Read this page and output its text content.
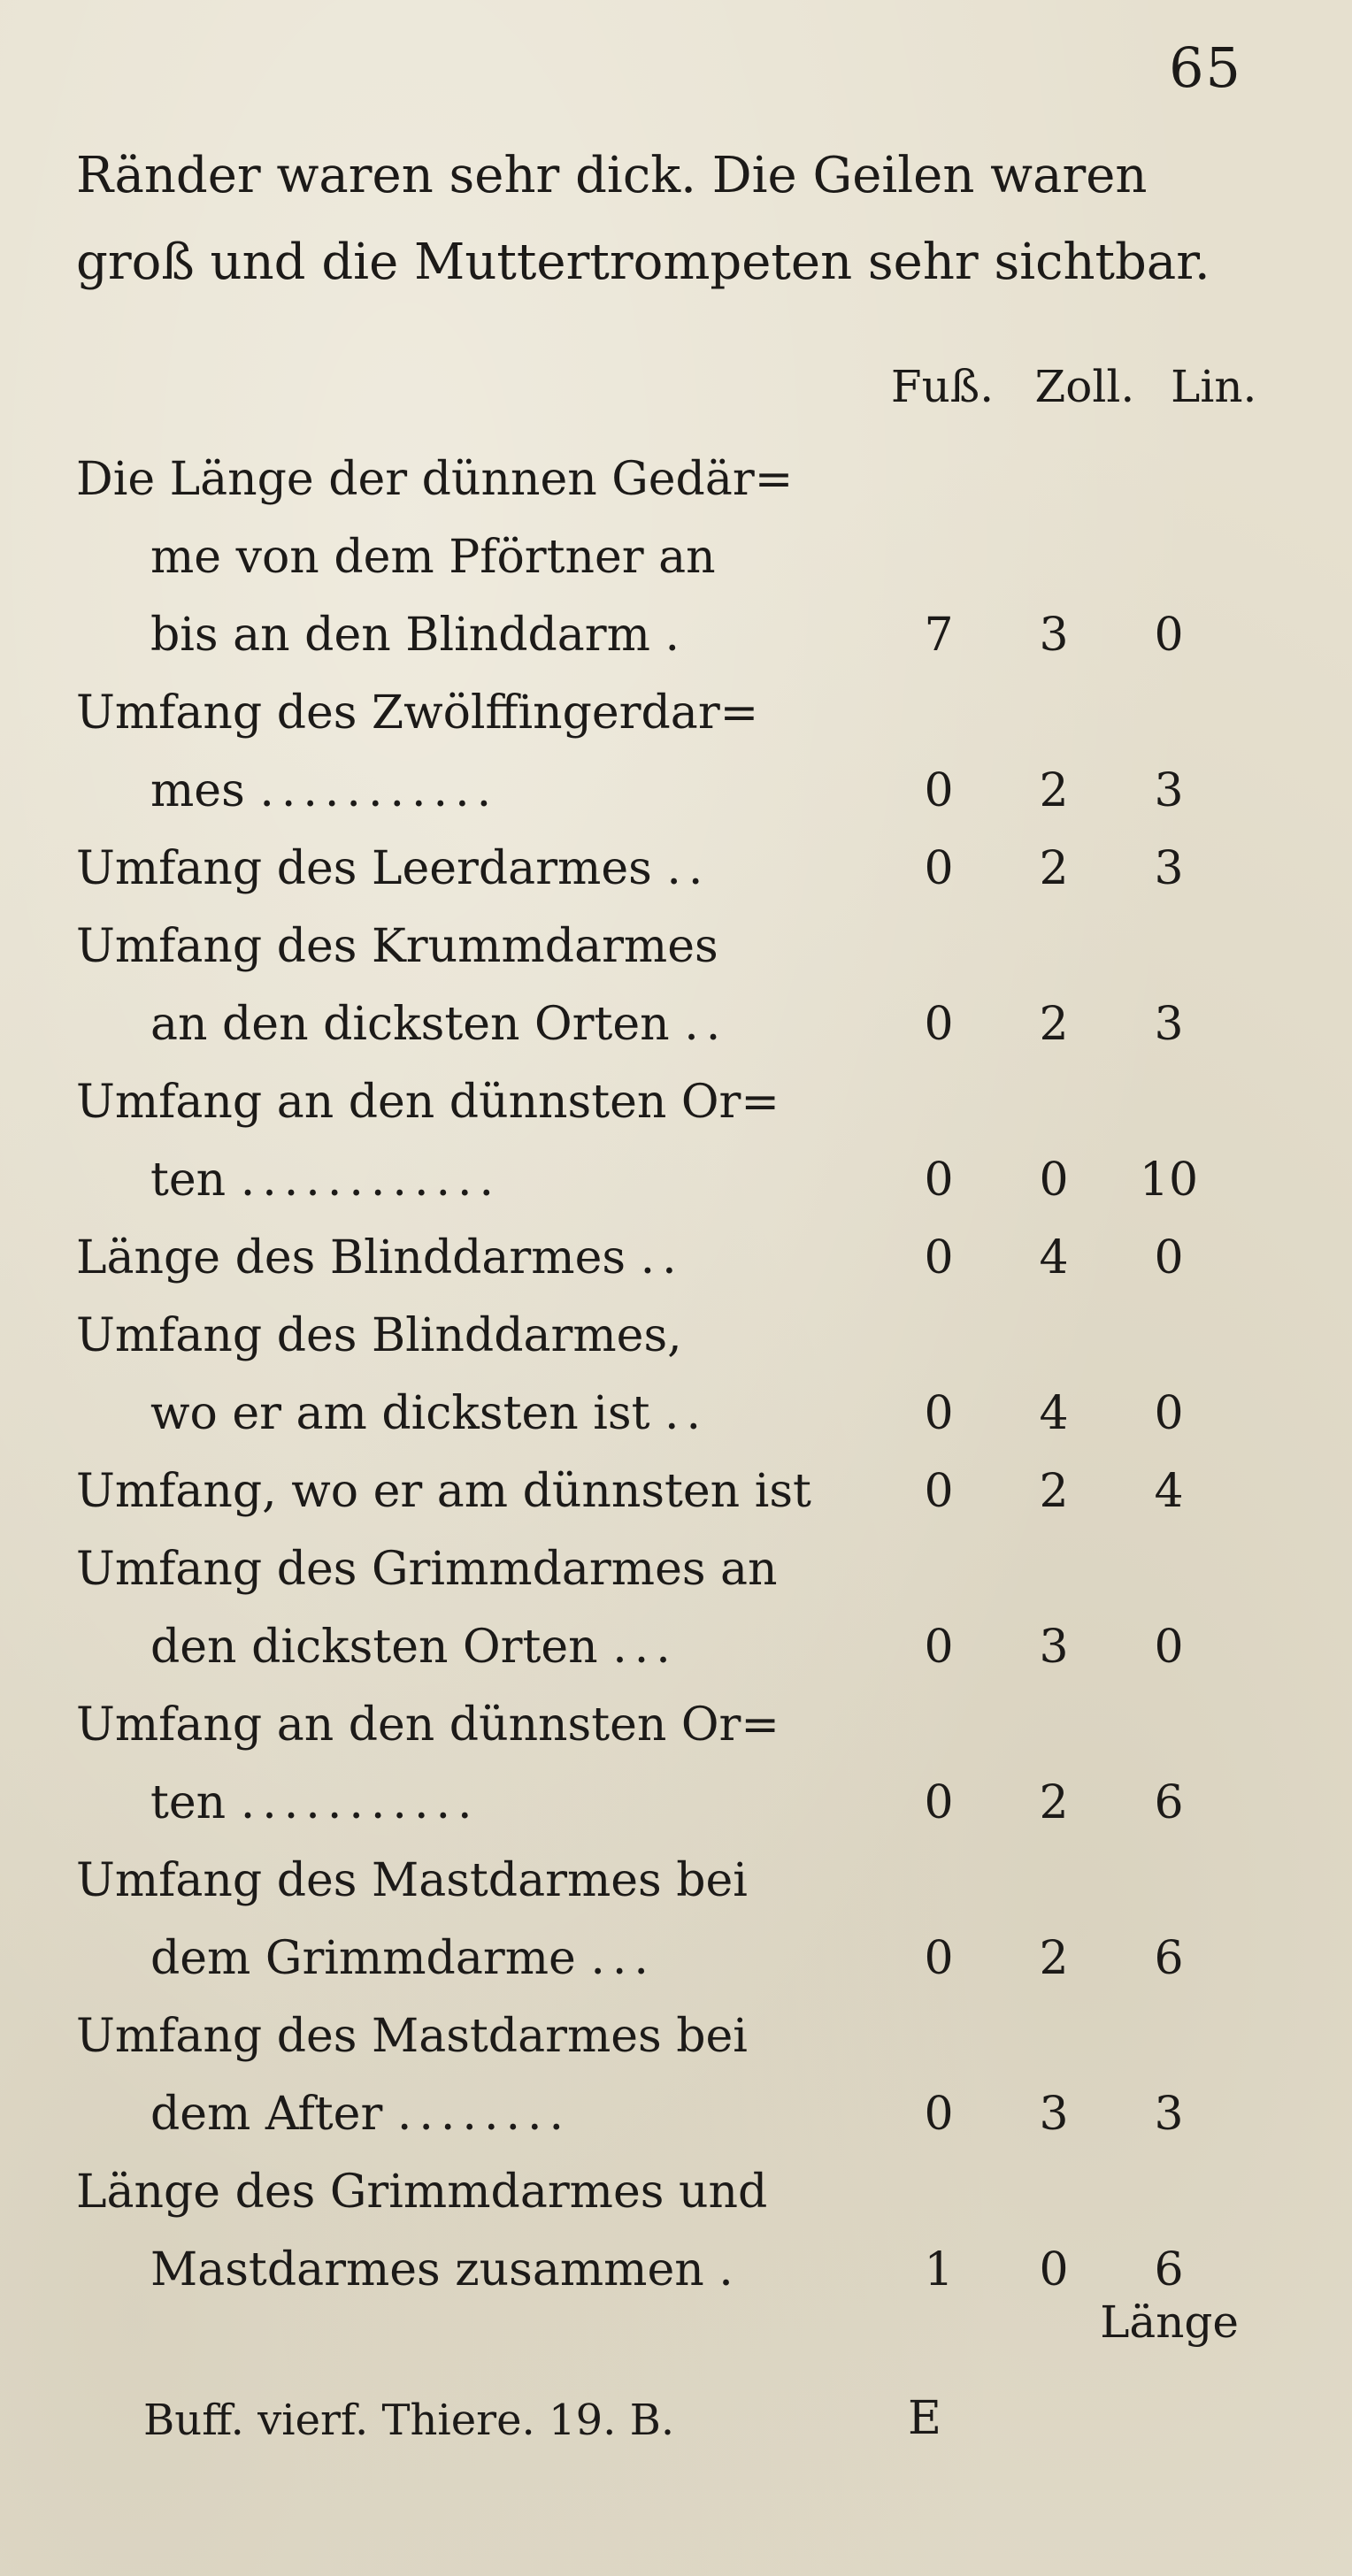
65
Ränder waren sehr dick. Die Geilen waren
groß und die Muttertrompeten sehr sichtbar.
Fuß. Zoll. Lin.
Die Länge der dünnen Gedär=
me von dem Pförtner an
bis an den Blinddarm .	7	3	0
Umfang des Zwölffingerdar=
mes ...........	0	2	3
Umfang des Leerdarmes ..	0	2	3
Umfang des Krummdarmes
an den dicksten Orten ..	0	2	3
Umfang an den dünnsten Or=
ten ............	0	0	10
Länge des Blinddarmes ..	0	4	0
Umfang des Blinddarmes,
wo er am dicksten ist ..	0	4	0
Umfang, wo er am dünnsten ist	0	2	4
Umfang des Grimmdarmes an
den dicksten Orten ...	0	3	0
Umfang an den dünnsten Or=
ten ...........	0	2	6
Umfang des Mastdarmes bei
dem Grimmdarme ...	0	2	6
Umfang des Mastdarmes bei
dem After ........	0	3	3
Länge des Grimmdarmes und
Mastdarmes zusammen .	1	0	6
Länge
Buff. vierf. Thiere. 19. B.	E
